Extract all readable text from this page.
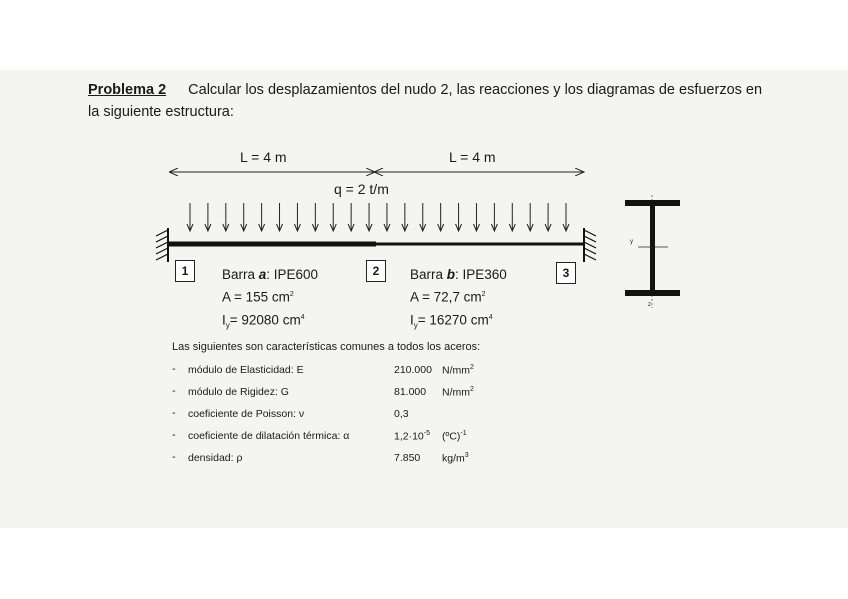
Problema 2 Calcular los desplazamientos del nudo 2, las reacciones y los diagramas de esfuerzos en
la siguiente estructura:
L = 4 m	L = 4 m
q = 2 t/m
1	2	3
y
z
Barra a: IPE600
A = 155 $cm^2$
$I_y= 92080$ $cm^4$
Barra b: IPE360
A = 72,7 $cm^2$
$I_y= 16270$ $cm^4$
Las siguientes son características comunes a todos los aceros:
- módulo de Elasticidad: E	210.000 $N/mm^2$
- módulo de Rigidez: G	81.000 $N/mm^2$
- coeficiente de Poisson: ν	0,3
- coeficiente de dilatación térmica: α	$1,2\cdot 10^{-5}$ (ºC)$^{-1}$
- densidad: ρ	7.850 $kg/m^3$
